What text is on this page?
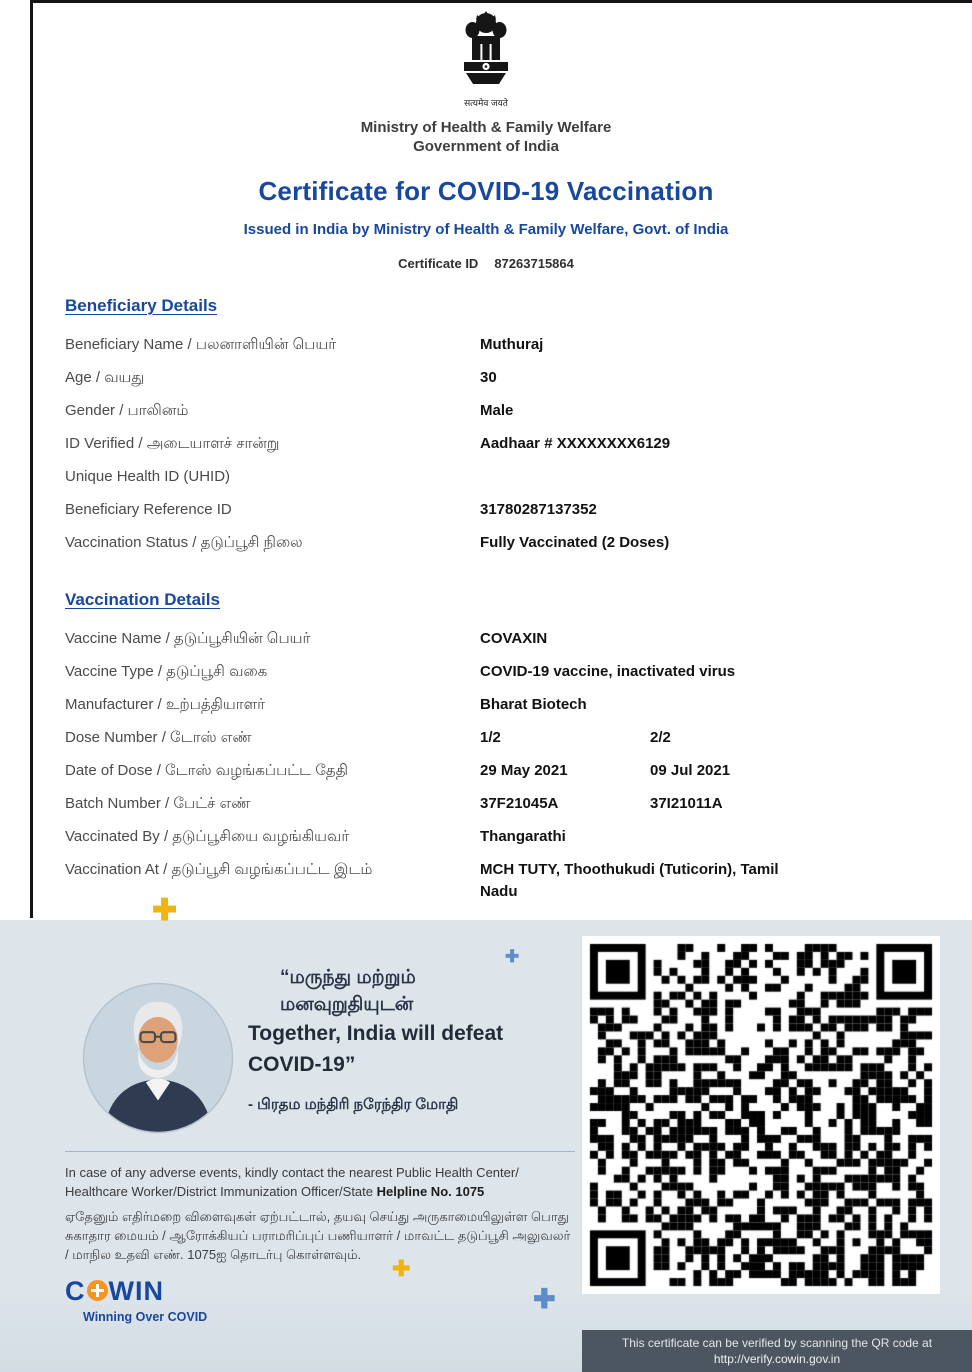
सत्यमेव जयते
Ministry of Health & Family Welfare
Government of India
Certificate for COVID-19 Vaccination
Issued in India by Ministry of Health & Family Welfare, Govt. of India
Certificate ID 87263715864
Beneficiary Details
Beneficiary Name / பலனாளியின் பெயர்	Muthuraj
Age / வயது	30
Gender / பாலினம்	Male
ID Verified / அடையாளச் சான்று	Aadhaar # XXXXXXXX6129
Unique Health ID (UHID)
Beneficiary Reference ID	31780287137352
Vaccination Status / தடுப்பூசி நிலை	Fully Vaccinated (2 Doses)
Vaccination Details
Vaccine Name / தடுப்பூசியின் பெயர்	COVAXIN
Vaccine Type / தடுப்பூசி வகை	COVID-19 vaccine, inactivated virus
Manufacturer / உற்பத்தியாளர்	Bharat Biotech
Dose Number / டோஸ் எண்	1/2	2/2
Date of Dose / டோஸ் வழங்கப்பட்ட தேதி	29 May 2021	09 Jul 2021
Batch Number / பேட்ச் எண்	37F21045A	37I21011A
Vaccinated By / தடுப்பூசியை வழங்கியவர்	Thangarathi
Vaccination At / தடுப்பூசி வழங்கப்பட்ட இடம்	MCH TUTY, Thoothukudi (Tuticorin), Tamil Nadu
✚
✚
✚
✚
“மருந்து மற்றும்
மனவுறுதியுடன்
Together, India will defeat
COVID-19”
- பிரதம மந்திரி நரேந்திர மோதி

In case of any adverse events, kindly contact the nearest Public Health Center/ Healthcare Worker/District Immunization Officer/State Helpline No. 1075

ஏதேனும் எதிர்மறை விளைவுகள் ஏற்பட்டால், தயவு செய்து அருகாமையிலுள்ள பொது சுகாதார மையம் / ஆரோக்கியப் பராமரிப்புப் பணியாளர் / மாவட்ட தடுப்பூசி அலுவலர் / மாநில உதவி எண். 1075ஐ தொடர்பு கொள்ளவும்.

C WIN
Winning Over COVID
This certificate can be verified by scanning the QR code at
http://verify.cowin.gov.in
